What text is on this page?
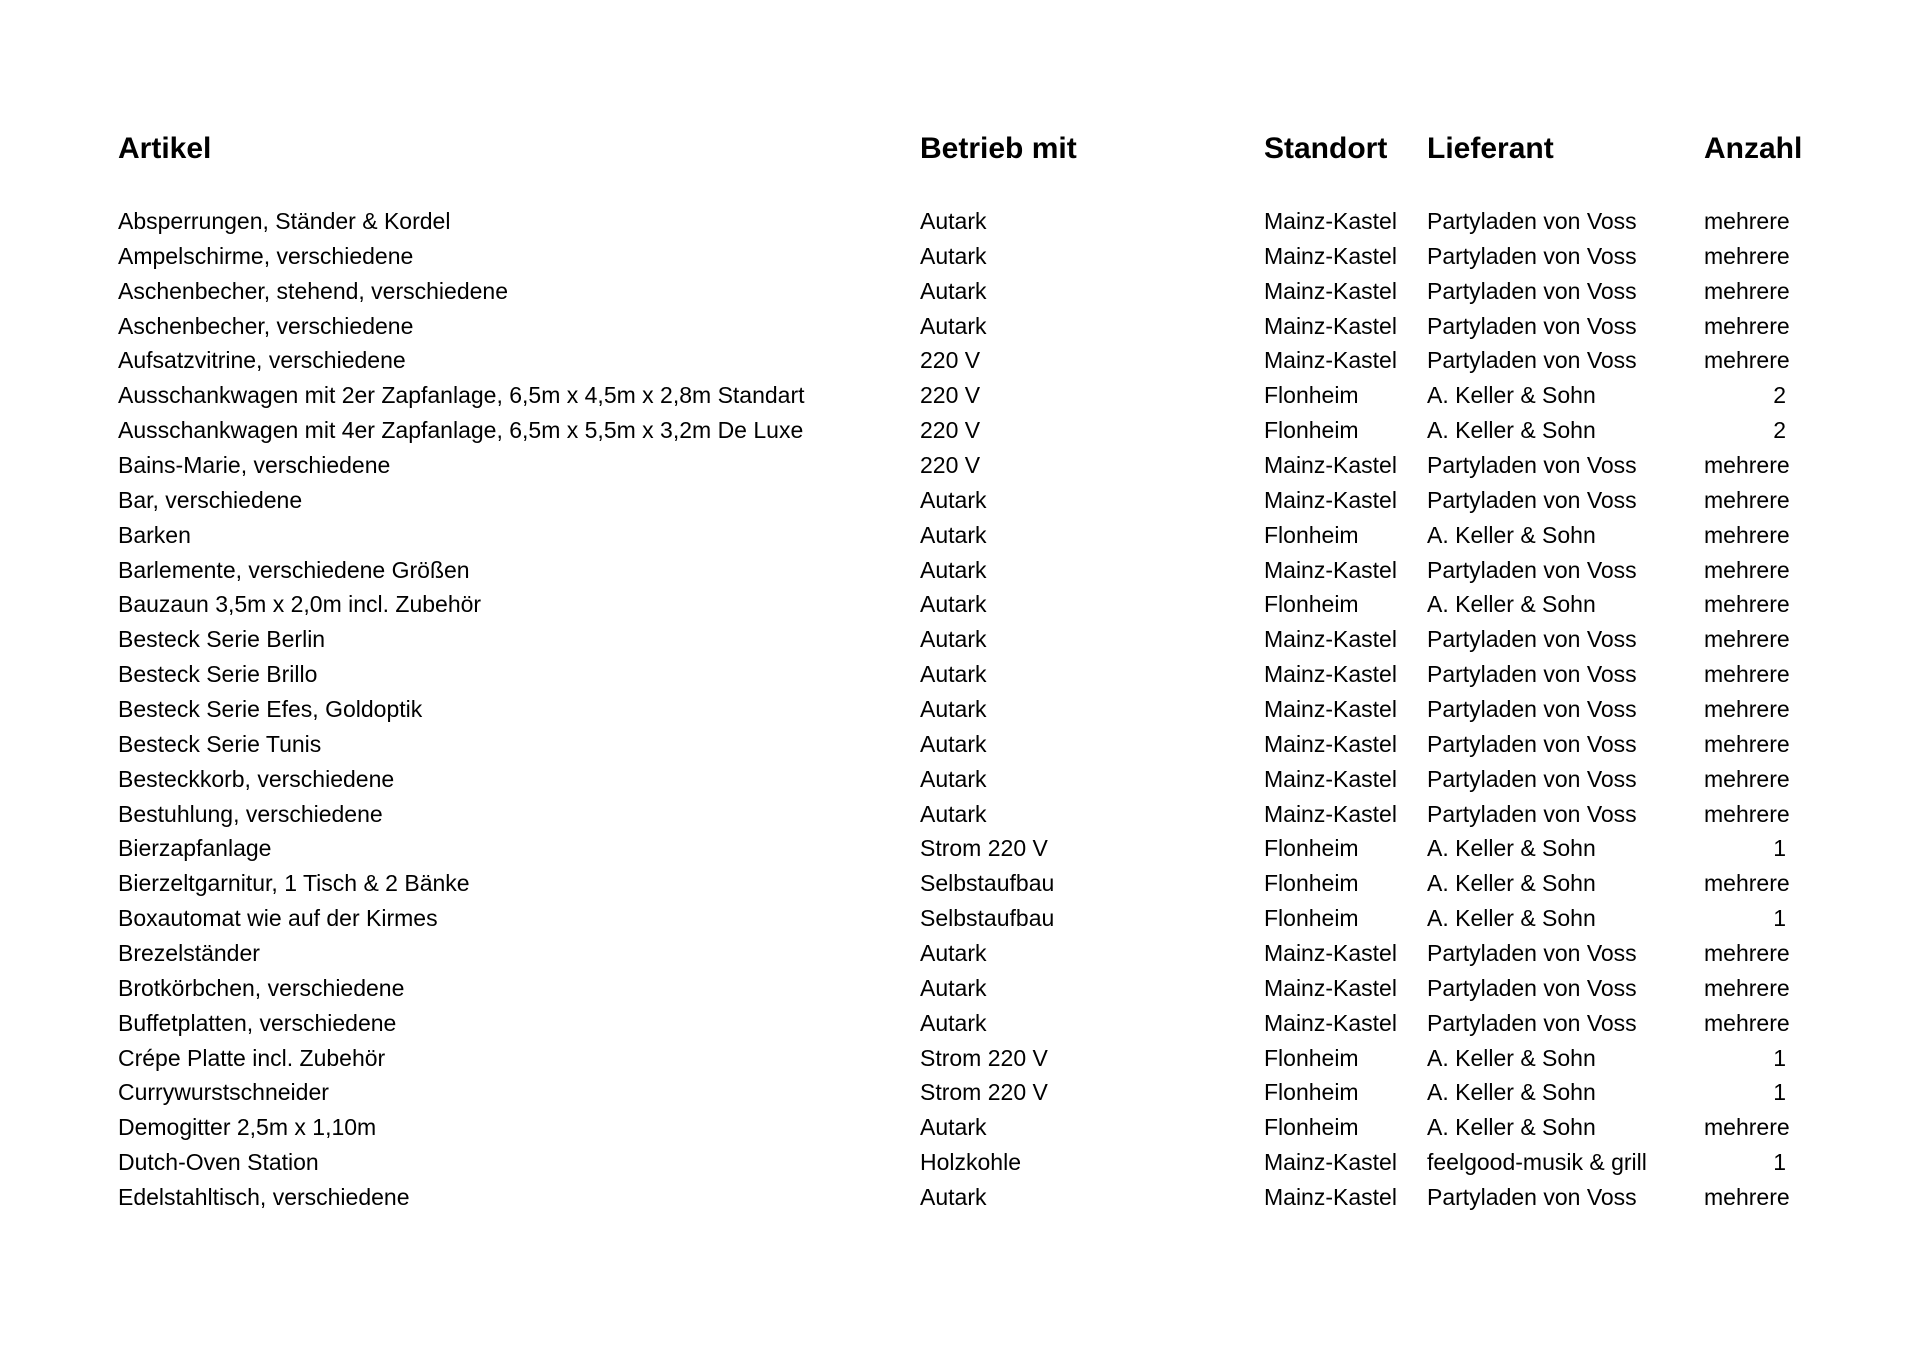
Artikel	Betrieb mit	Standort	Lieferant	Anzahl
Absperrungen, Ständer & Kordel	Autark	Mainz-Kastel	Partyladen von Voss	mehrere
Ampelschirme, verschiedene	Autark	Mainz-Kastel	Partyladen von Voss	mehrere
Aschenbecher, stehend, verschiedene	Autark	Mainz-Kastel	Partyladen von Voss	mehrere
Aschenbecher, verschiedene	Autark	Mainz-Kastel	Partyladen von Voss	mehrere
Aufsatzvitrine, verschiedene	220 V	Mainz-Kastel	Partyladen von Voss	mehrere
Ausschankwagen mit 2er Zapfanlage, 6,5m x 4,5m x 2,8m Standart	220 V	Flonheim	A. Keller & Sohn	2
Ausschankwagen mit 4er Zapfanlage, 6,5m x 5,5m x 3,2m De Luxe	220 V	Flonheim	A. Keller & Sohn	2
Bains-Marie, verschiedene	220 V	Mainz-Kastel	Partyladen von Voss	mehrere
Bar, verschiedene	Autark	Mainz-Kastel	Partyladen von Voss	mehrere
Barken	Autark	Flonheim	A. Keller & Sohn	mehrere
Barlemente, verschiedene Größen	Autark	Mainz-Kastel	Partyladen von Voss	mehrere
Bauzaun 3,5m x 2,0m incl. Zubehör	Autark	Flonheim	A. Keller & Sohn	mehrere
Besteck Serie Berlin	Autark	Mainz-Kastel	Partyladen von Voss	mehrere
Besteck Serie Brillo	Autark	Mainz-Kastel	Partyladen von Voss	mehrere
Besteck Serie Efes, Goldoptik	Autark	Mainz-Kastel	Partyladen von Voss	mehrere
Besteck Serie Tunis	Autark	Mainz-Kastel	Partyladen von Voss	mehrere
Besteckkorb, verschiedene	Autark	Mainz-Kastel	Partyladen von Voss	mehrere
Bestuhlung, verschiedene	Autark	Mainz-Kastel	Partyladen von Voss	mehrere
Bierzapfanlage	Strom 220 V	Flonheim	A. Keller & Sohn	1
Bierzeltgarnitur, 1 Tisch & 2 Bänke	Selbstaufbau	Flonheim	A. Keller & Sohn	mehrere
Boxautomat wie auf der Kirmes	Selbstaufbau	Flonheim	A. Keller & Sohn	1
Brezelständer	Autark	Mainz-Kastel	Partyladen von Voss	mehrere
Brotkörbchen, verschiedene	Autark	Mainz-Kastel	Partyladen von Voss	mehrere
Buffetplatten, verschiedene	Autark	Mainz-Kastel	Partyladen von Voss	mehrere
Crépe Platte incl. Zubehör	Strom 220 V	Flonheim	A. Keller & Sohn	1
Currywurstschneider	Strom 220 V	Flonheim	A. Keller & Sohn	1
Demogitter 2,5m x 1,10m	Autark	Flonheim	A. Keller & Sohn	mehrere
Dutch-Oven Station	Holzkohle	Mainz-Kastel	feelgood-musik & grill	1
Edelstahltisch, verschiedene	Autark	Mainz-Kastel	Partyladen von Voss	mehrere
